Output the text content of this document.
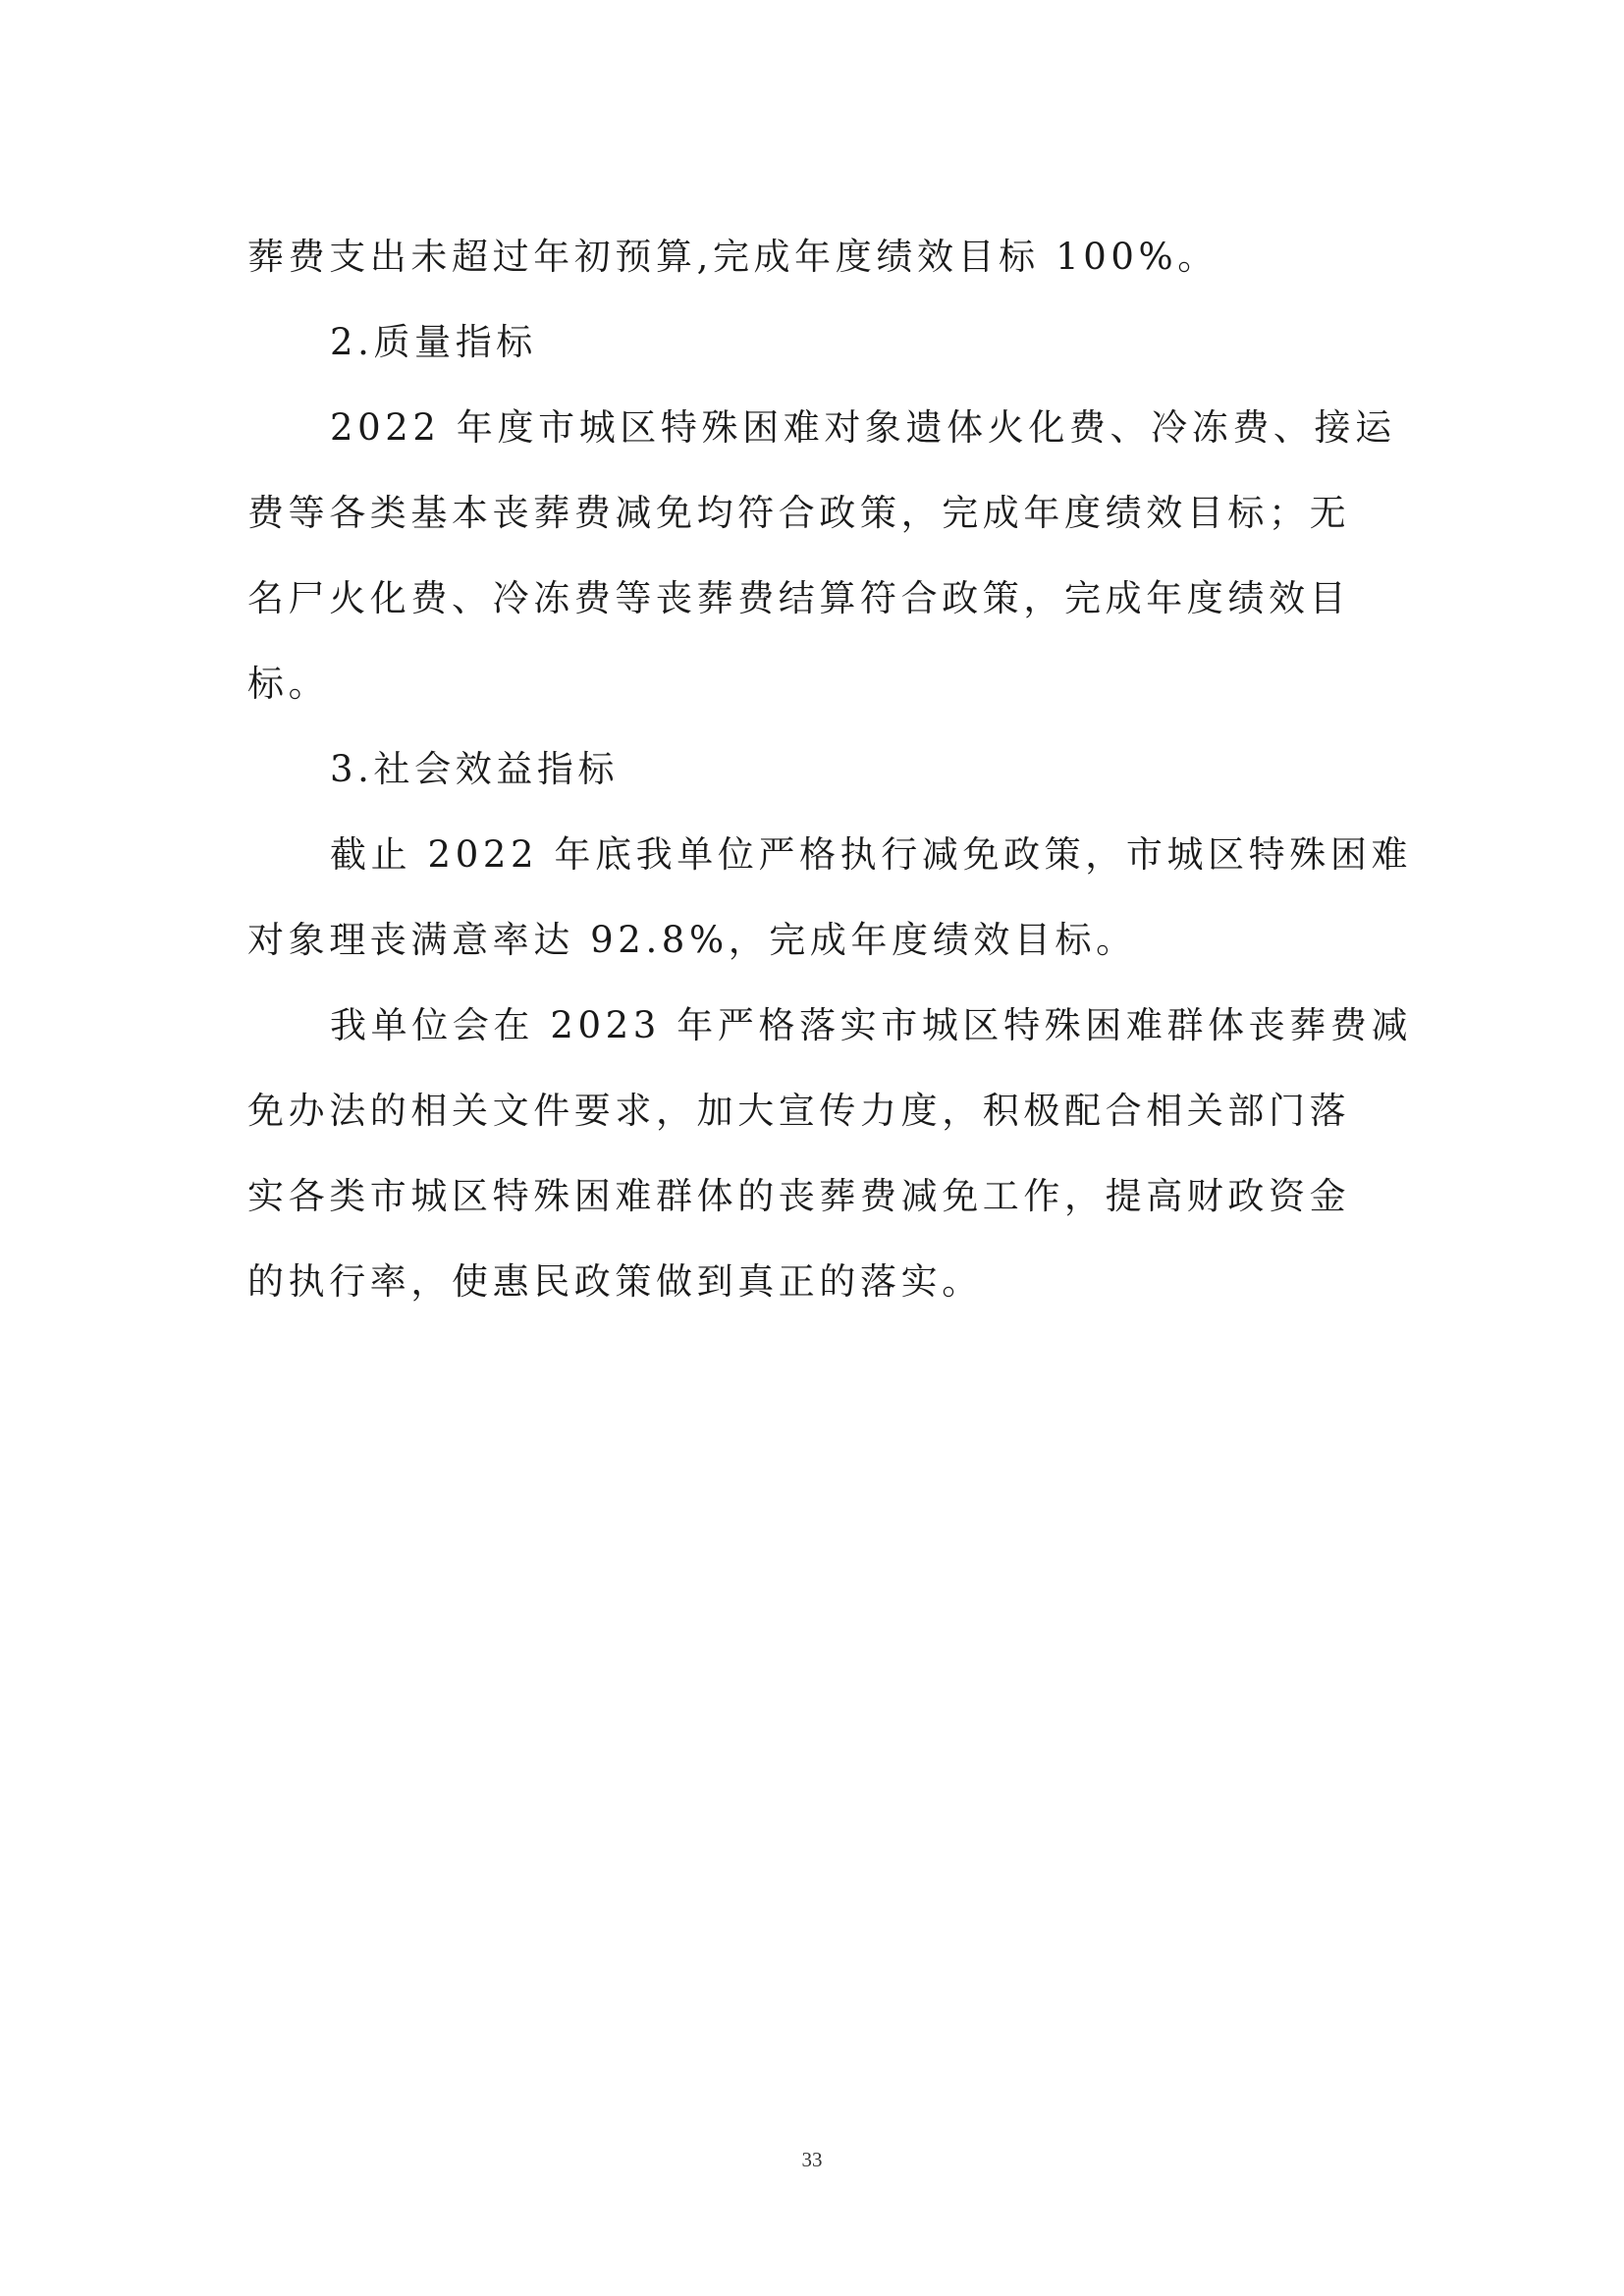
葬费支出未超过年初预算,完成年度绩效目标 100%。
2.质量指标
2022 年度市城区特殊困难对象遗体火化费、冷冻费、接运
费等各类基本丧葬费减免均符合政策，完成年度绩效目标；无
名尸火化费、冷冻费等丧葬费结算符合政策，完成年度绩效目
标。
3.社会效益指标
截止 2022 年底我单位严格执行减免政策，市城区特殊困难
对象理丧满意率达 92.8%，完成年度绩效目标。
我单位会在 2023 年严格落实市城区特殊困难群体丧葬费减
免办法的相关文件要求，加大宣传力度，积极配合相关部门落
实各类市城区特殊困难群体的丧葬费减免工作，提高财政资金
的执行率，使惠民政策做到真正的落实。
33
